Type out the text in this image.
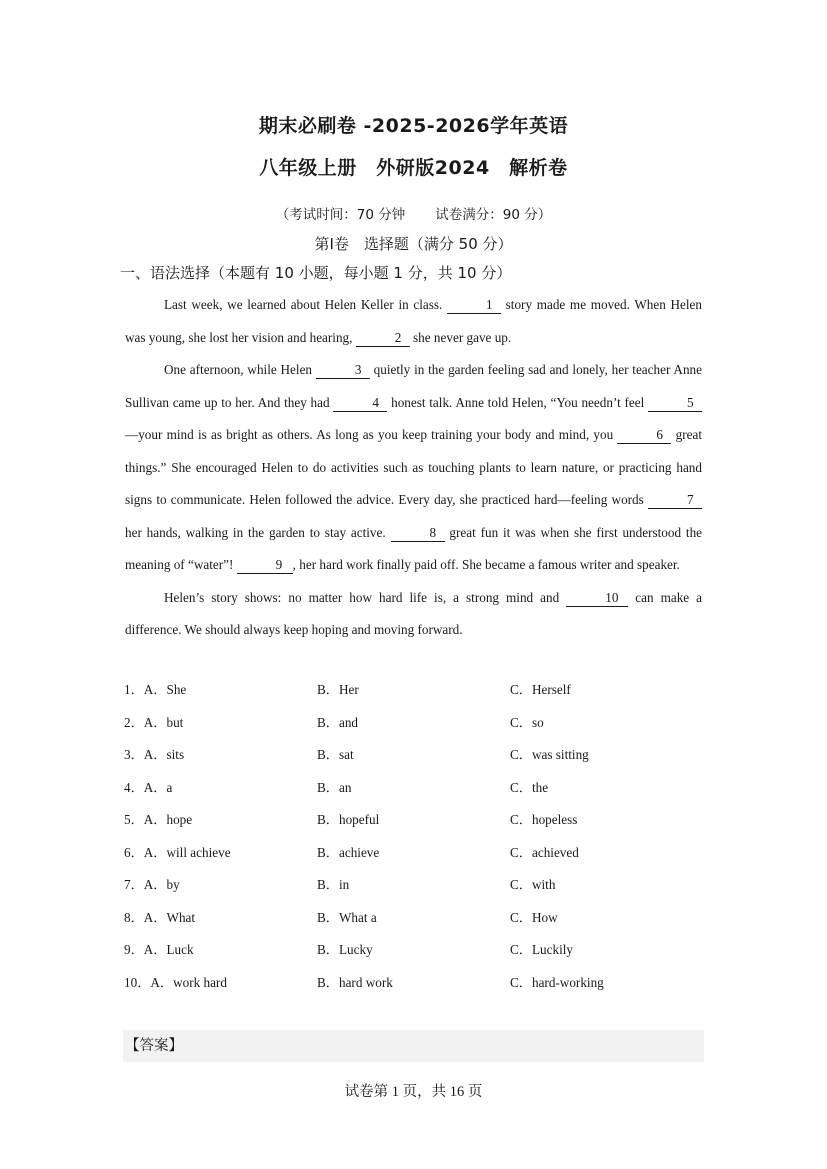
期末必刷卷 -2025-2026学年英语
八年级上册　外研版2024　解析卷
（考试时间：70 分钟 试卷满分：90 分）
第Ⅰ卷　选择题（满分 50 分）
一、语法选择（本题有 10 小题，每小题 1 分，共 10 分）

Last week, we learned about Helen Keller in class.	1 story made me moved. When Helen was young, she lost her vision and hearing,	2 she never gave up.

One afternoon, while Helen	3 quietly in the garden feeling sad and lonely, her teacher Anne Sullivan came up to her. And they had	4 honest talk. Anne told Helen, “You needn’t feel	5—your mind is as bright as others. As long as you keep training your body and mind, you	6 great things.” She encouraged Helen to do activities such as touching plants to learn nature, or practicing hand signs to communicate. Helen followed the advice. Every day, she practiced hard—feeling words	7 her hands, walking in the garden to stay active.	8 great fun it was when she first understood the meaning of “water”!	9 , her hard work finally paid off. She became a famous writer and speaker.

Helen’s story shows: no matter how hard life is, a strong mind and	10 can make a difference. We should always keep hoping and moving forward.

1．A．She	B．Her	C．Herself
2．A．but	B．and	C．so
3．A．sits	B．sat	C．was sitting
4．A．a	B．an	C．the
5．A．hope	B．hopeful	C．hopeless
6．A．will achieve	B．achieve	C．achieved
7．A．by	B．in	C．with
8．A．What	B．What a	C．How
9．A．Luck	B．Lucky	C．Luckily
10．A．work hard	B．hard work	C．hard-working
【答案】
试卷第 1 页，共 16 页
